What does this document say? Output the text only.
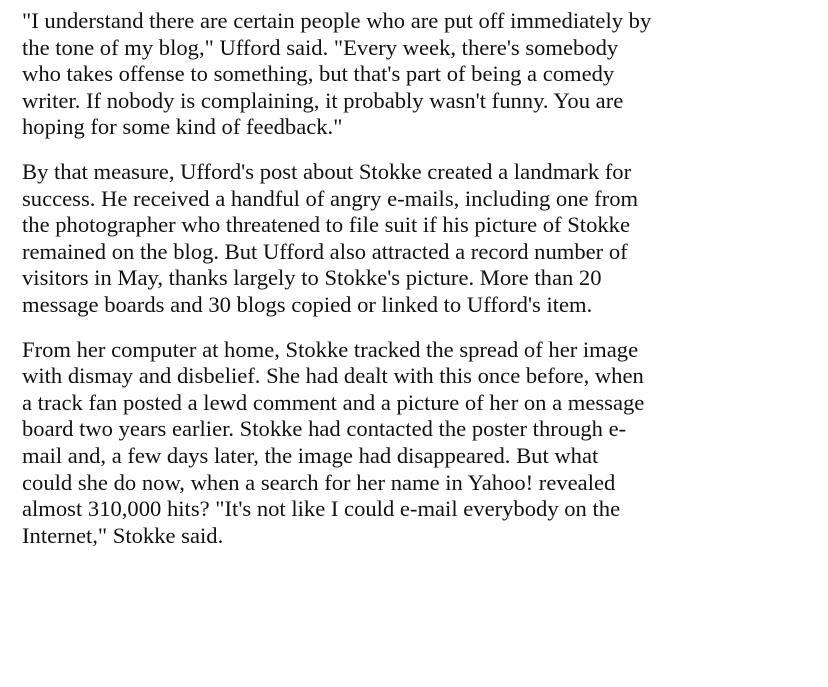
"I understand there are certain people who are put off immediately by
the tone of my blog," Ufford said. "Every week, there's somebody
who takes offense to something, but that's part of being a comedy
writer. If nobody is complaining, it probably wasn't funny. You are
hoping for some kind of feedback."

By that measure, Ufford's post about Stokke created a landmark for
success. He received a handful of angry e-mails, including one from
the photographer who threatened to file suit if his picture of Stokke
remained on the blog. But Ufford also attracted a record number of
visitors in May, thanks largely to Stokke's picture. More than 20
message boards and 30 blogs copied or linked to Ufford's item.

From her computer at home, Stokke tracked the spread of her image
with dismay and disbelief. She had dealt with this once before, when
a track fan posted a lewd comment and a picture of her on a message
board two years earlier. Stokke had contacted the poster through e-
mail and, a few days later, the image had disappeared. But what
could she do now, when a search for her name in Yahoo! revealed
almost 310,000 hits? "It's not like I could e-mail everybody on the
Internet," Stokke said.
